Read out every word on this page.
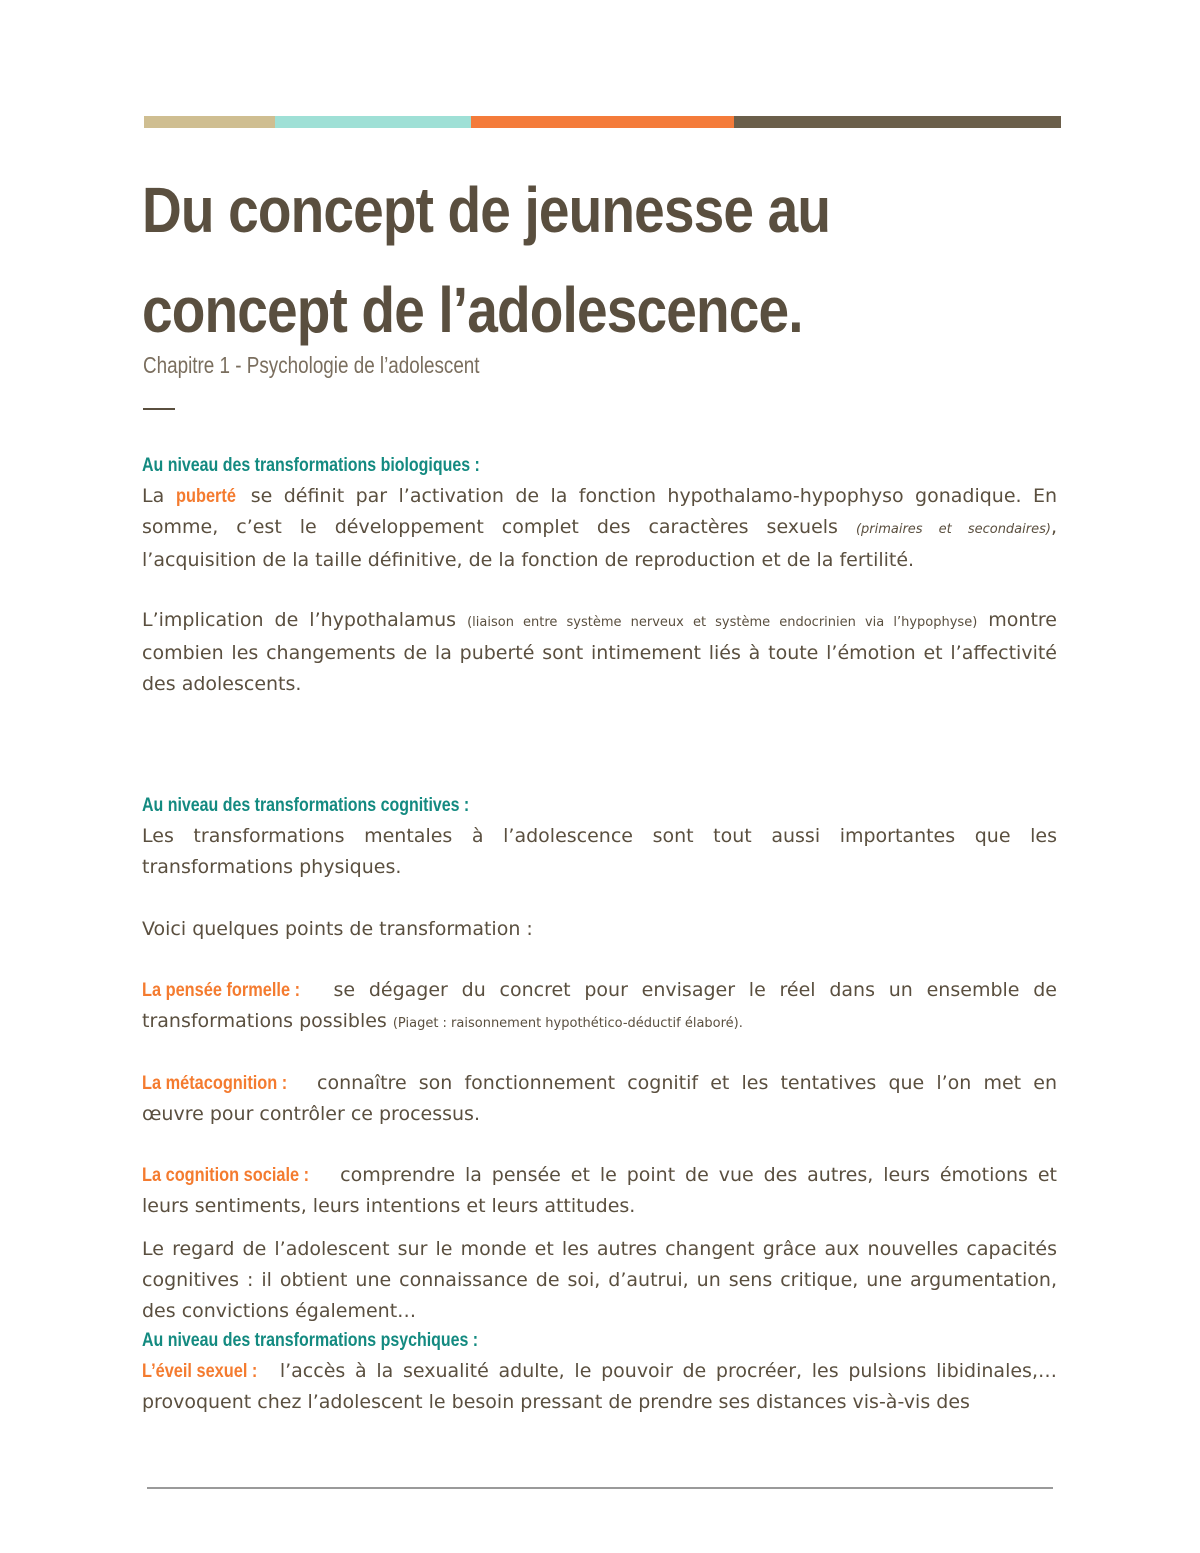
Du concept de jeunesse au
concept de l’adolescence.

Chapitre 1 - Psychologie de l’adolescent

Au niveau des transformations biologiques :

La puberté se définit par l’activation de la fonction hypothalamo-hypophyso gonadique. En somme, c’est le développement complet des caractères sexuels (primaires et secondaires), l’acquisition de la taille définitive, de la fonction de reproduction et de la fertilité.

L’implication de l’hypothalamus (liaison entre système nerveux et système endocrinien via l’hypophyse) montre combien les changements de la puberté sont intimement liés à toute l’émotion et l’affectivité des adolescents.

Au niveau des transformations cognitives :

Les transformations mentales à l’adolescence sont tout aussi importantes que les transformations physiques.

Voici quelques points de transformation :

La pensée formelle : se dégager du concret pour envisager le réel dans un ensemble de transformations possibles (Piaget : raisonnement hypothético-déductif élaboré).

La métacognition : connaître son fonctionnement cognitif et les tentatives que l’on met en œuvre pour contrôler ce processus.

La cognition sociale : comprendre la pensée et le point de vue des autres, leurs émotions et leurs sentiments, leurs intentions et leurs attitudes.

Le regard de l’adolescent sur le monde et les autres changent grâce aux nouvelles capacités cognitives : il obtient une connaissance de soi, d’autrui, un sens critique, une argumentation, des convictions également…

Au niveau des transformations psychiques :

L’éveil sexuel : l’accès à la sexualité adulte, le pouvoir de procréer, les pulsions libidinales,… provoquent chez l’adolescent le besoin pressant de prendre ses distances vis-à-vis des
